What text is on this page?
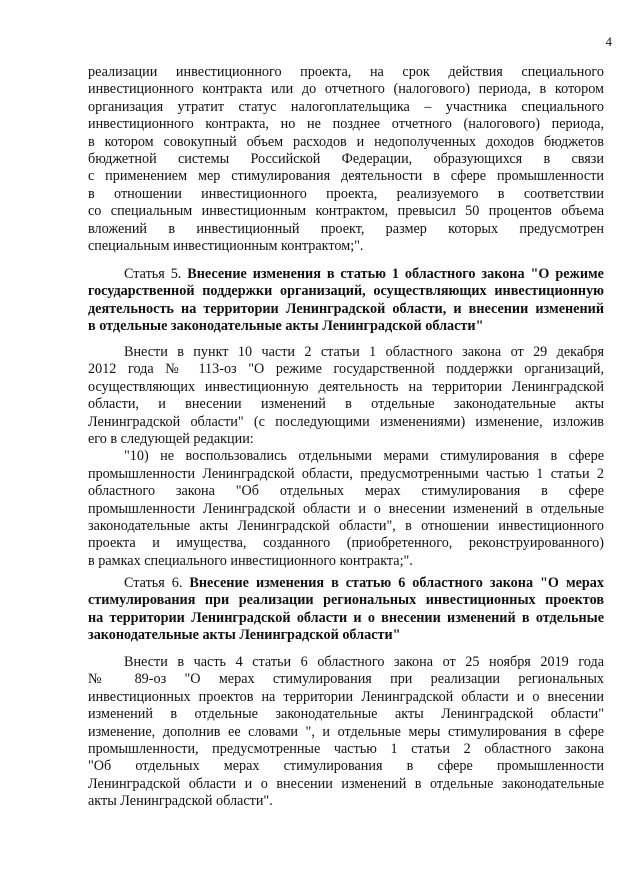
4
реализации инвестиционного проекта, на срок действия специального
инвестиционного контракта или до отчетного (налогового) периода, в котором
организация утратит статус налогоплательщика – участника специального
инвестиционного контракта, но не позднее отчетного (налогового) периода,
в котором совокупный объем расходов и недополученных доходов бюджетов
бюджетной системы Российской Федерации, образующихся в связи
с применением мер стимулирования деятельности в сфере промышленности
в отношении инвестиционного проекта, реализуемого в соответствии
со специальным инвестиционным контрактом, превысил 50 процентов объема
вложений в инвестиционный проект, размер которых предусмотрен
специальным инвестиционным контрактом;".
Статья 5. Внесение изменения в статью 1 областного закона "О режиме
государственной поддержки организаций, осуществляющих инвестиционную
деятельность на территории Ленинградской области, и внесении изменений
в отдельные законодательные акты Ленинградской области"
Внести в пункт 10 части 2 статьи 1 областного закона от 29 декабря
2012 года № 113-оз "О режиме государственной поддержки организаций,
осуществляющих инвестиционную деятельность на территории Ленинградской
области, и внесении изменений в отдельные законодательные акты
Ленинградской области" (с последующими изменениями) изменение, изложив
его в следующей редакции:
"10) не воспользовались отдельными мерами стимулирования в сфере
промышленности Ленинградской области, предусмотренными частью 1 статьи 2
областного закона "Об отдельных мерах стимулирования в сфере
промышленности Ленинградской области и о внесении изменений в отдельные
законодательные акты Ленинградской области", в отношении инвестиционного
проекта и имущества, созданного (приобретенного, реконструированного)
в рамках специального инвестиционного контракта;".
Статья 6. Внесение изменения в статью 6 областного закона "О мерах
стимулирования при реализации региональных инвестиционных проектов
на территории Ленинградской области и о внесении изменений в отдельные
законодательные акты Ленинградской области"
Внести в часть 4 статьи 6 областного закона от 25 ноября 2019 года
№ 89-оз "О мерах стимулирования при реализации региональных
инвестиционных проектов на территории Ленинградской области и о внесении
изменений в отдельные законодательные акты Ленинградской области"
изменение, дополнив ее словами ", и отдельные меры стимулирования в сфере
промышленности, предусмотренные частью 1 статьи 2 областного закона
"Об отдельных мерах стимулирования в сфере промышленности
Ленинградской области и о внесении изменений в отдельные законодательные
акты Ленинградской области".
